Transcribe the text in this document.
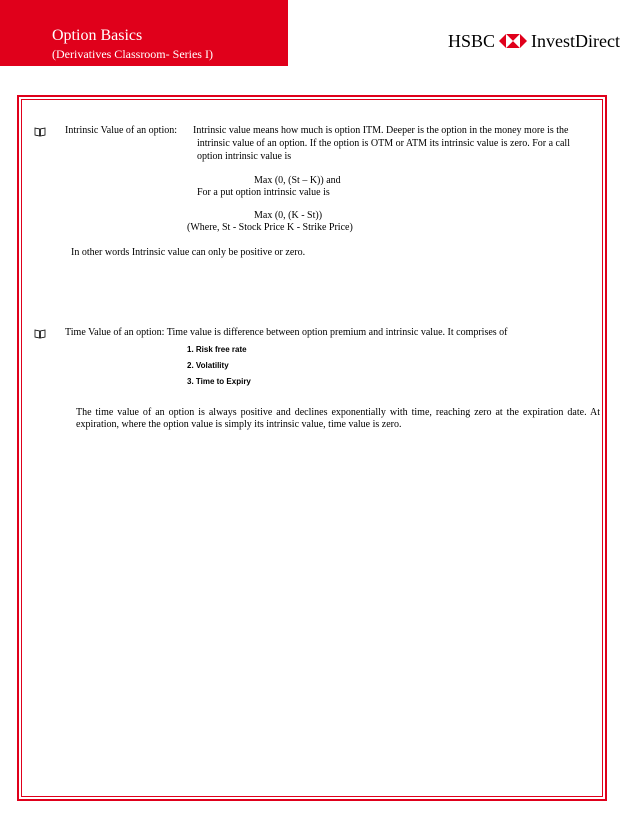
Option Basics
(Derivatives Classroom- Series I)
HSBC InvestDirect
Intrinsic Value of an option: Intrinsic value means how much is option ITM. Deeper is the option in the money more is the
intrinsic value of an option. If the option is OTM or ATM its intrinsic value is zero. For a call
option intrinsic value is
Max (0, (St – K)) and
For a put option intrinsic value is
Max (0, (K - St))
(Where, St - Stock Price K - Strike Price)
In other words Intrinsic value can only be positive or zero.
Time Value of an option: Time value is difference between option premium and intrinsic value. It comprises of
1. Risk free rate
2. Volatility
3. Time to Expiry
The time value of an option is always positive and declines exponentially with time, reaching zero at the expiration date. At expiration, where the option value is simply its intrinsic value, time value is zero.
